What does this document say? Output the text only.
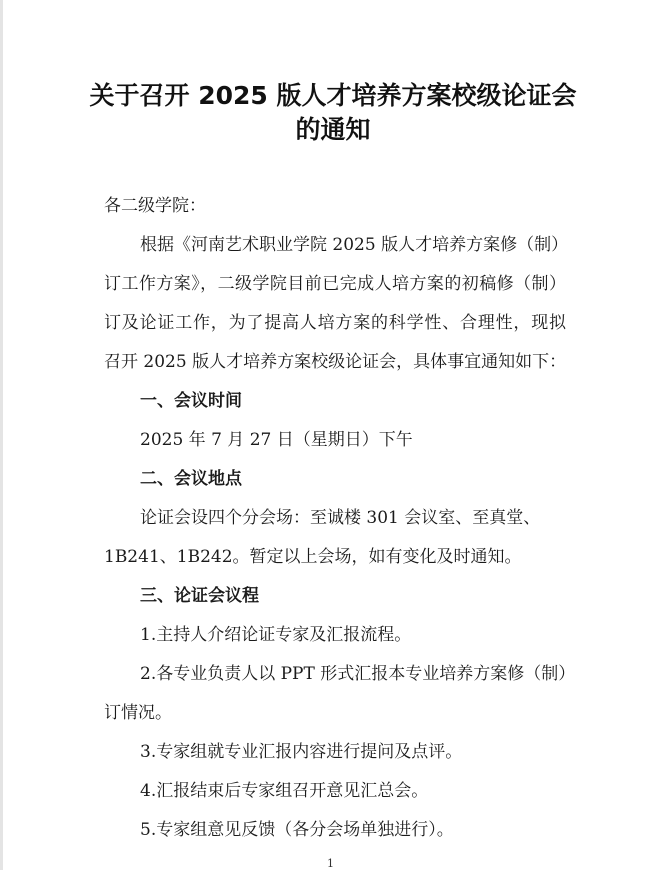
关于召开 2025 版人才培养方案校级论证会
的通知
各二级学院：
根据《河南艺术职业学院 2025 版人才培养方案修（制）
订工作方案》，二级学院目前已完成人培方案的初稿修（制）
订及论证工作，为了提高人培方案的科学性、合理性，现拟
召开 2025 版人才培养方案校级论证会，具体事宜通知如下：
一、会议时间
2025 年 7 月 27 日（星期日）下午
二、会议地点
论证会设四个分会场：至诚楼 301 会议室、至真堂、
1B241、1B242。暂定以上会场，如有变化及时通知。
三、论证会议程
1.主持人介绍论证专家及汇报流程。
2.各专业负责人以 PPT 形式汇报本专业培养方案修（制）
订情况。
3.专家组就专业汇报内容进行提问及点评。
4.汇报结束后专家组召开意见汇总会。
5.专家组意见反馈（各分会场单独进行）。
1
